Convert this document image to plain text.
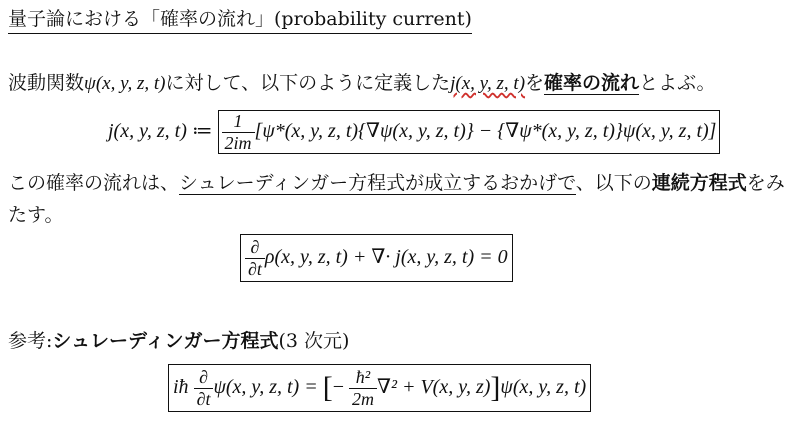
量子論における「確率の流れ」(probability current)
波動関数ψ(x, y, z, t)に対して、以下のように定義したj(x, y, z, t)を確率の流れとよぶ。
j(x, y, z, t) ≔ $\frac{1}{2im} [\psi*(x$, y, z, t){∇ψ(x, y, z, t)} − {∇ψ*(x, y, z, t)}ψ(x, y, z, t)]
この確率の流れは、シュレーディンガー方程式が成立するおかげで、以下の連続方程式をみ
たす。
$\frac{\partial}{\partial t} \rho(x$, y, z, t) + ∇· j(x, y, z, t) = 0
参考:シュレーディンガー方程式(3 次元)
iħ $\frac{\partial}{\partial t} \psi(x$, y, z, t) = [− $\frac{\text{ħ²}}{2m} \nabla^2 + V(x$, y, z)]ψ(x, y, z, t)
